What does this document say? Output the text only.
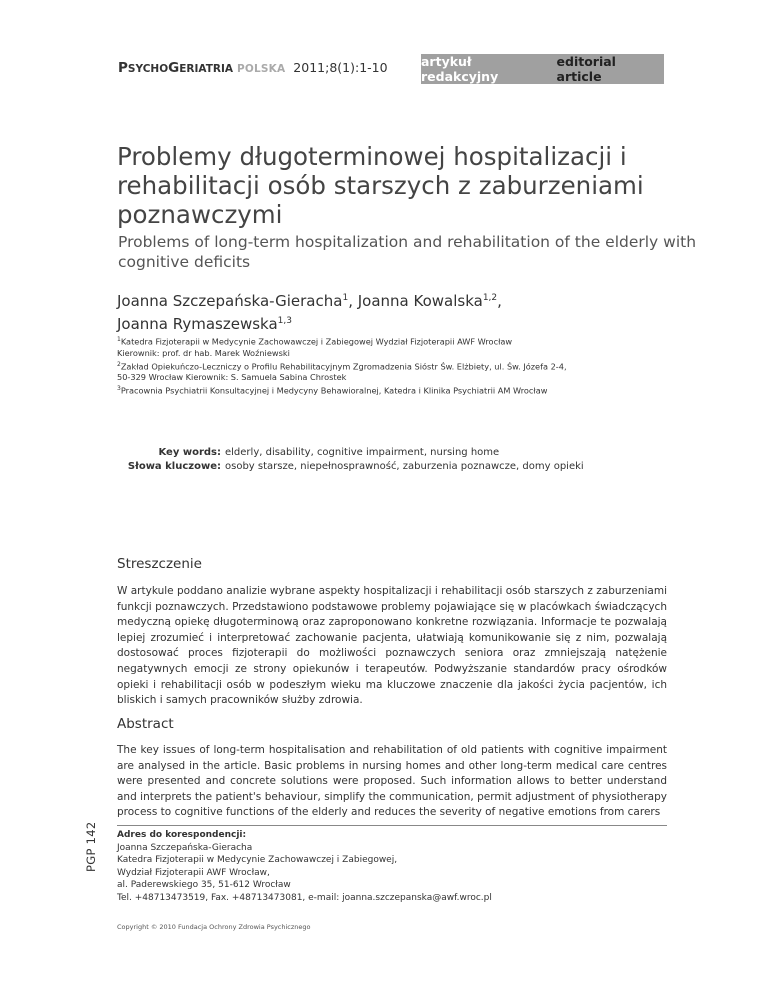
PSYCHOGERIATRIA POLSKA 2011;8(1):1-10	artykuł redakcyjny
editorial article
Problemy długoterminowej hospitalizacji i rehabilitacji osób starszych z zaburzeniami poznawczymi
Problems of long-term hospitalization and rehabilitation of the elderly with cognitive deficits

Joanna Szczepańska-Gieracha$^1$, Joanna Kowalska$^{1,2}$,
Joanna Rymaszewska$^{1,3}$

$^1$Katedra Fizjoterapii w Medycynie Zachowawczej i Zabiegowej Wydział Fizjoterapii AWF Wrocław
Kierownik: prof. dr hab. Marek Woźniewski
$^2$Zakład Opiekuńczo-Leczniczy o Profilu Rehabilitacyjnym Zgromadzenia Sióstr Św. Elżbiety, ul. Św. Józefa 2-4,
50-329 Wrocław Kierownik: S. Samuela Sabina Chrostek
$^3$Pracownia Psychiatrii Konsultacyjnej i Medycyny Behawioralnej, Katedra i Klinika Psychiatrii AM Wrocław
Key words: elderly, disability, cognitive impairment, nursing home
Słowa kluczowe: osoby starsze, niepełnosprawność, zaburzenia poznawcze, domy opieki
Streszczenie

W artykule poddano analizie wybrane aspekty hospitalizacji i rehabilitacji osób starszych z zaburzeniami funkcji poznawczych. Przedstawiono podstawowe problemy pojawiające się w placówkach świadczących medyczną opiekę długoterminową oraz zaproponowano konkretne rozwiązania. Informacje te pozwalają lepiej zrozumieć i interpretować zachowanie pacjenta, ułatwiają komunikowanie się z nim, pozwalają dostosować proces fizjoterapii do możliwości poznawczych seniora oraz zmniejszają natężenie negatywnych emocji ze strony opiekunów i terapeutów. Podwyższanie standardów pracy ośrodków opieki i rehabilitacji osób w podeszłym wieku ma kluczowe znaczenie dla jakości życia pacjentów, ich bliskich i samych pracowników służby zdrowia.

Abstract

The key issues of long-term hospitalisation and rehabilitation of old patients with cognitive impairment are analysed in the article. Basic problems in nursing homes and other long-term medical care centres were presented and concrete solutions were proposed. Such information allows to better understand and interprets the patient's behaviour, simplify the communication, permit adjustment of physiotherapy process to cognitive functions of the elderly and reduces the severity of negative emotions from carers

PGP 142 Adres do korespondencji:
Joanna Szczepańska-Gieracha
Katedra Fizjoterapii w Medycynie Zachowawczej i Zabiegowej,
Wydział Fizjoterapii AWF Wrocław,
al. Paderewskiego 35, 51-612 Wrocław
Tel. +48713473519, Fax. +48713473081, e-mail: joanna.szczepanska@awf.wroc.pl
Copyright © 2010 Fundacja Ochrony Zdrowia Psychicznego
